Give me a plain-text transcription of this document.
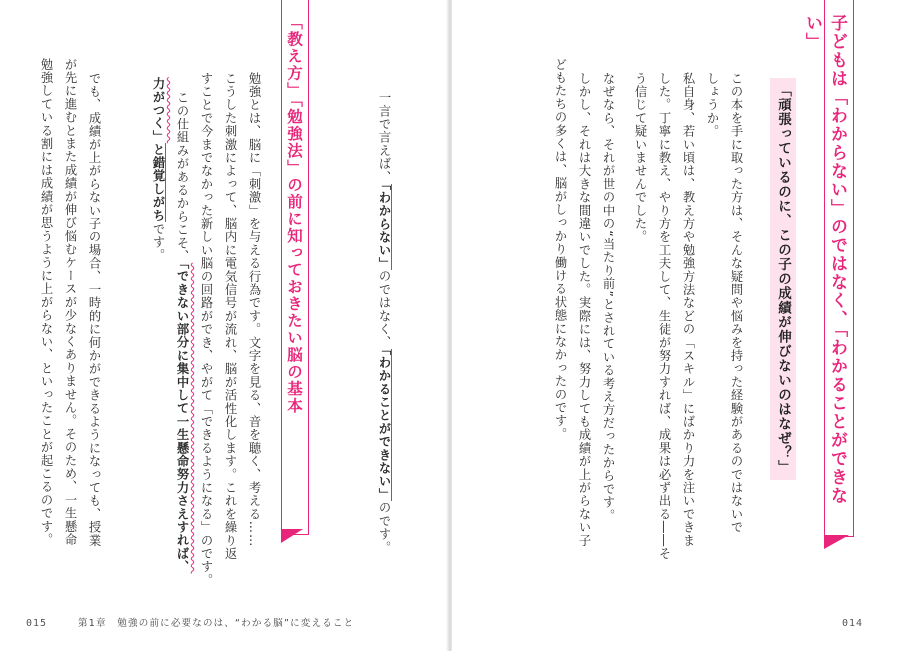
「教え方」「勉強法」の前に知っておきたい脳の基本	一言で言えば、「わからない」のではなく、「わかることができない」のです。

勉強とは、脳に「刺激」を与える行為です。文字を見る、音を聴く、考える……
こうした刺激によって、脳内に電気信号が流れ、脳が活性化します。これを繰り返
すことで今までなかった新しい脳の回路ができ、やがて「できるようになる」のです。

この仕組みがあるからこそ、「できない部分に集中して一生懸命努力さえすれば、

力がつく」と錯覚しがちです。

でも、成績が上がらない子の場合、一時的に何かができるようになっても、授業
が先に進むとまた成績が伸び悩むケースが少なくありません。そのため、一生懸命
勉強している割には成績が思うように上がらない、といったことが起こるのです。
015	第1章　勉強の前に必要なのは、“わかる脳”に変えること
子どもは「わからない」のではなく、「わかることができない」
「頑張っているのに、この子の成績が伸びないのはなぜ？」
この本を手に取った方は、そんな疑問や悩みを持った経験があるのではないで
しょうか。
私自身、若い頃は、教え方や勉強方法などの「スキル」にばかり力を注いできま
した。丁寧に教え、やり方を工夫して、生徒が努力すれば、成果は必ず出る――そ
う信じて疑いませんでした。
なぜなら、それが世の中の“当たり前”とされている考え方だったからです。
しかし、それは大きな間違いでした。実際には、努力しても成績が上がらない子
どもたちの多くは、脳がしっかり働ける状態になかったのです。
014
